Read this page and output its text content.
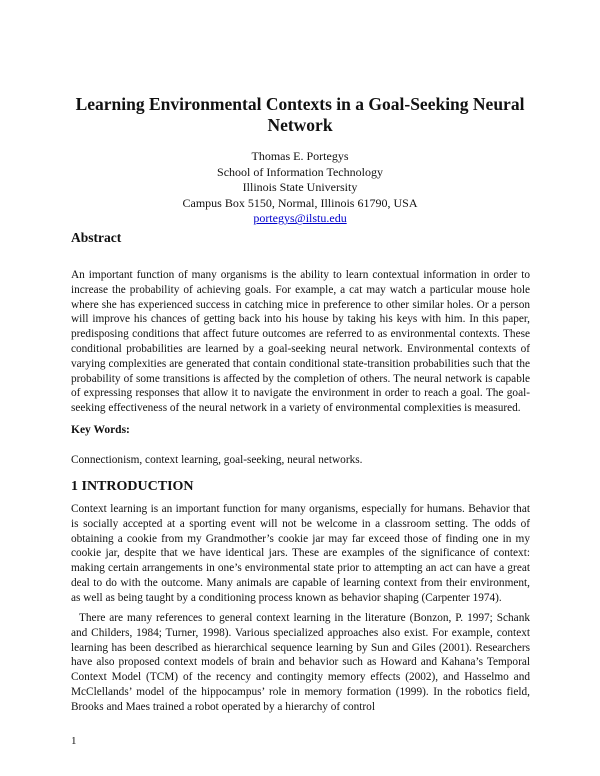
Learning Environmental Contexts in a Goal-Seeking Neural Network
Thomas E. Portegys
School of Information Technology
Illinois State University
Campus Box 5150, Normal, Illinois 61790, USA
portegys@ilstu.edu
Abstract

An important function of many organisms is the ability to learn contextual information in order to increase the probability of achieving goals. For example, a cat may watch a particular mouse hole where she has experienced success in catching mice in preference to other similar holes. Or a person will improve his chances of getting back into his house by taking his keys with him. In this paper, predisposing conditions that affect future outcomes are referred to as environmental contexts. These conditional probabilities are learned by a goal-seeking neural network. Environmental contexts of varying complexities are generated that contain conditional state-transition probabilities such that the probability of some transitions is affected by the completion of others. The neural network is capable of expressing responses that allow it to navigate the environment in order to reach a goal. The goal-seeking effectiveness of the neural network in a variety of environmental complexities is measured.

Key Words:

Connectionism, context learning, goal-seeking, neural networks.

1 INTRODUCTION

Context learning is an important function for many organisms, especially for humans. Behavior that is socially accepted at a sporting event will not be welcome in a classroom setting. The odds of obtaining a cookie from my Grandmother’s cookie jar may far exceed those of finding one in my cookie jar, despite that we have identical jars. These are examples of the significance of context: making certain arrangements in one’s environmental state prior to attempting an act can have a great deal to do with the outcome. Many animals are capable of learning context from their environment, as well as being taught by a conditioning process known as behavior shaping (Carpenter 1974).

There are many references to general context learning in the literature (Bonzon, P. 1997; Schank and Childers, 1984; Turner, 1998). Various specialized approaches also exist. For example, context learning has been described as hierarchical sequence learning by Sun and Giles (2001). Researchers have also proposed context models of brain and behavior such as Howard and Kahana’s Temporal Context Model (TCM) of the recency and contingity memory effects (2002), and Hasselmo and McClellands’ model of the hippocampus’ role in memory formation (1999). In the robotics field, Brooks and Maes trained a robot operated by a hierarchy of control

1
